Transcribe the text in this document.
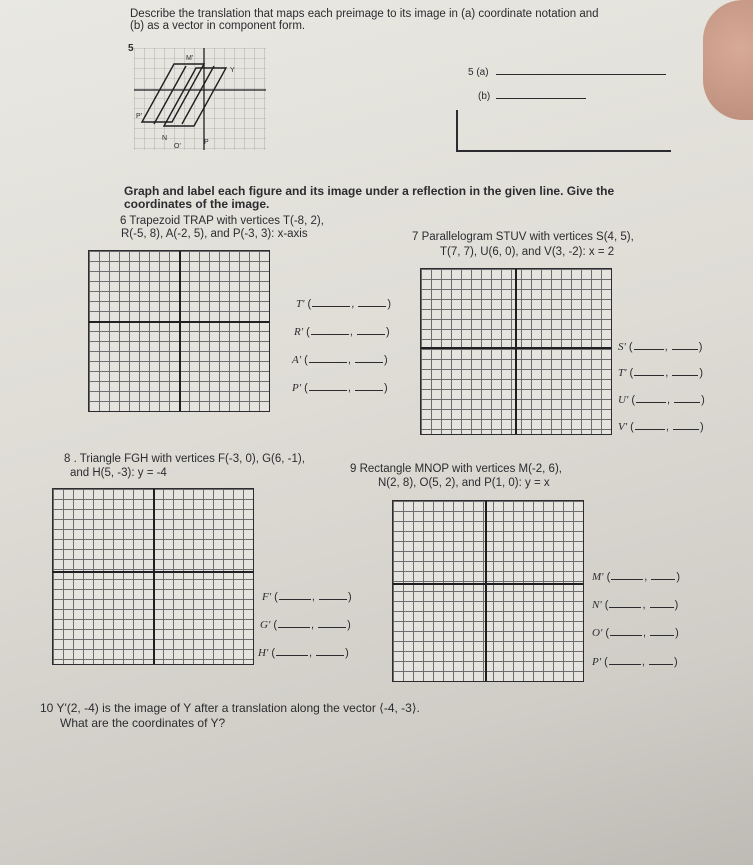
Describe the translation that maps each preimage to its image in (a) coordinate notation and
(b) as a vector in component form.
5
M'
Y
P'
N
O'
P
5 (a)
(b)
Graph and label each figure and its image under a reflection in the given line. Give the
coordinates of the image.
6 Trapezoid TRAP with vertices T(-8, 2),
R(-5, 8), A(-2, 5), and P(-3, 3): x-axis
T' (	,	)
R' (	,	)
A' (	,	)
P' (	,	)
7 Parallelogram STUV with vertices S(4, 5),
T(7, 7), U(6, 0), and V(3, -2): x = 2
S' (	,	)
T' (	,	)
U' (	,	)
V' (	,	)
8 . Triangle FGH with vertices F(-3, 0), G(6, -1),
and H(5, -3): y = -4
F' (	,	)
G' (	,	)
H' (	,	)
9 Rectangle MNOP with vertices M(-2, 6),
N(2, 8), O(5, 2), and P(1, 0): y = x
M' (	, )
N' (	, )
O' (	, )
P' (	, )
10 Y'(2, -4) is the image of Y after a translation along the vector ⟨-4, -3⟩.
What are the coordinates of Y?
